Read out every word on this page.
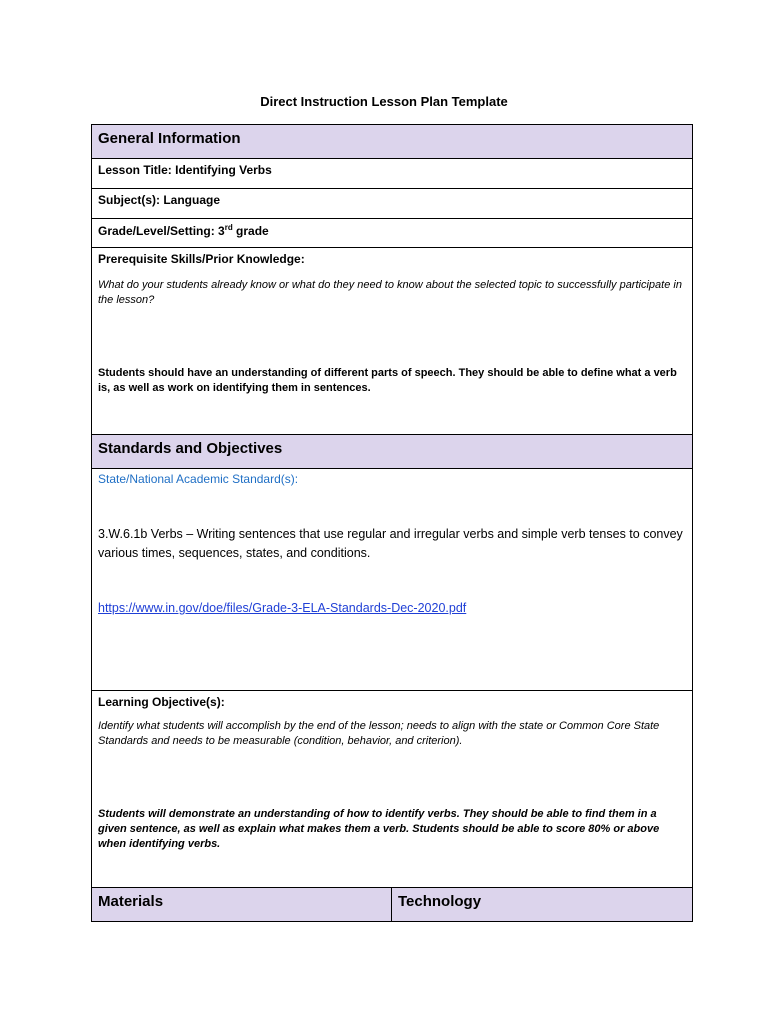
Direct Instruction Lesson Plan Template
General Information

Lesson Title: Identifying Verbs

Subject(s): Language

Grade/Level/Setting: 3rd grade

Prerequisite Skills/Prior Knowledge:
What do your students already know or what do they need to know about the selected topic to successfully participate in the lesson?
Students should have an understanding of different parts of speech. They should be able to define what a verb is, as well as work on identifying them in sentences.

Standards and Objectives

State/National Academic Standard(s):
3.W.6.1b Verbs – Writing sentences that use regular and irregular verbs and simple verb tenses to convey various times, sequences, states, and conditions.
https://www.in.gov/doe/files/Grade-3-ELA-Standards-Dec-2020.pdf

Learning Objective(s):
Identify what students will accomplish by the end of the lesson; needs to align with the state or Common Core State Standards and needs to be measurable (condition, behavior, and criterion).
Students will demonstrate an understanding of how to identify verbs. They should be able to find them in a given sentence, as well as explain what makes them a verb. Students should be able to score 80% or above when identifying verbs.

Materials	Technology
